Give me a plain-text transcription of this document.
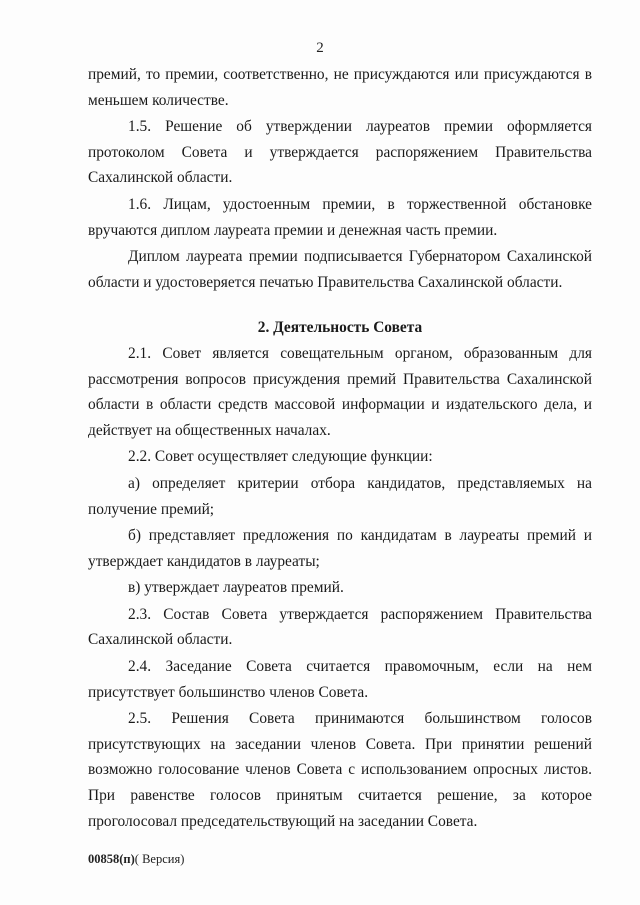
2

премий, то премии, соответственно, не присуждаются или присуждаются в меньшем количестве.

1.5. Решение об утверждении лауреатов премии оформляется протоколом Совета и утверждается распоряжением Правительства Сахалинской области.

1.6. Лицам, удостоенным премии, в торжественной обстановке вручаются диплом лауреата премии и денежная часть премии.

Диплом лауреата премии подписывается Губернатором Сахалинской области и удостоверяется печатью Правительства Сахалинской области.

2. Деятельность Совета

2.1. Совет является совещательным органом, образованным для рассмотрения вопросов присуждения премий Правительства Сахалинской области в области средств массовой информации и издательского дела, и действует на общественных началах.

2.2. Совет осуществляет следующие функции:

а) определяет критерии отбора кандидатов, представляемых на получение премий;

б) представляет предложения по кандидатам в лауреаты премий и утверждает кандидатов в лауреаты;

в) утверждает лауреатов премий.

2.3. Состав Совета утверждается распоряжением Правительства Сахалинской области.

2.4. Заседание Совета считается правомочным, если на нем присутствует большинство членов Совета.

2.5. Решения Совета принимаются большинством голосов присутствующих на заседании членов Совета. При принятии решений возможно голосование членов Совета с использованием опросных листов. При равенстве голосов принятым считается решение, за которое проголосовал председательствующий на заседании Совета.

00858(п)( Версия)
